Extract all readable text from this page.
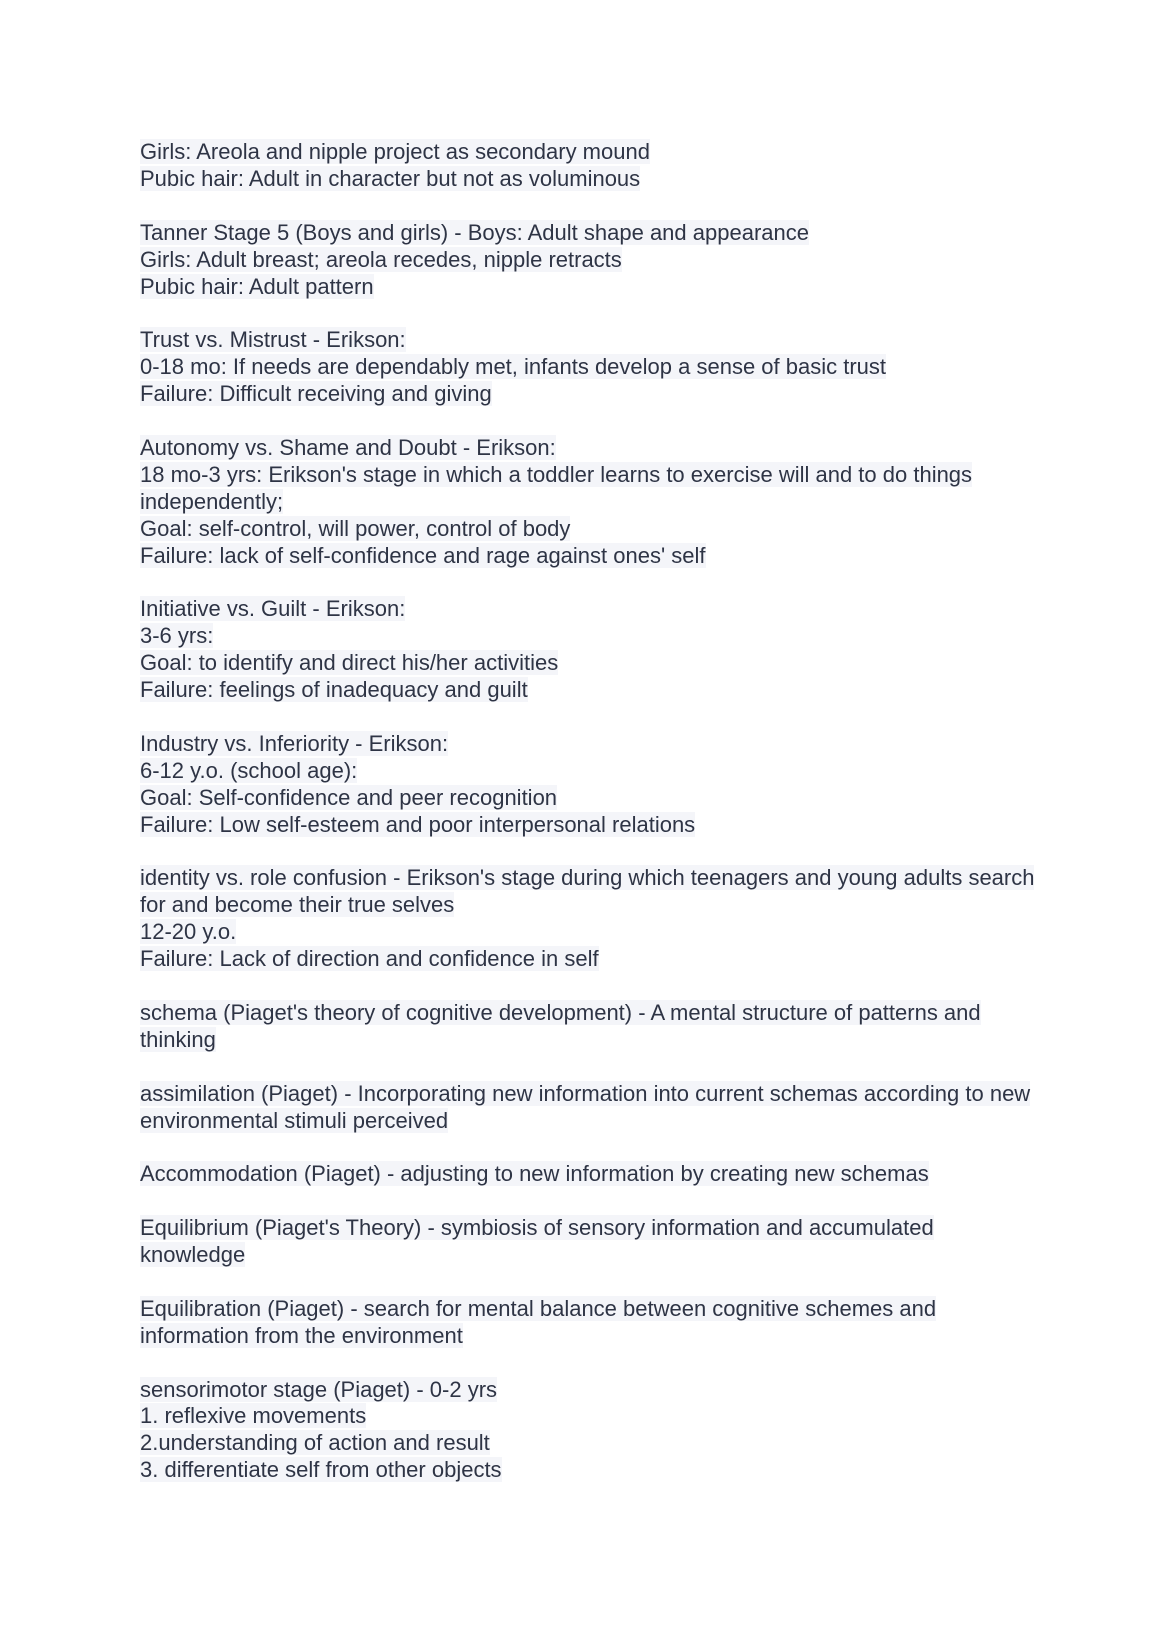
Girls: Areola and nipple project as secondary mound
Pubic hair: Adult in character but not as voluminous
Tanner Stage 5 (Boys and girls) - Boys: Adult shape and appearance
Girls: Adult breast; areola recedes, nipple retracts
Pubic hair: Adult pattern
Trust vs. Mistrust - Erikson:
0-18 mo: If needs are dependably met, infants develop a sense of basic trust
Failure: Difficult receiving and giving
Autonomy vs. Shame and Doubt - Erikson:
18 mo-3 yrs: Erikson's stage in which a toddler learns to exercise will and to do things independently;
Goal: self-control, will power, control of body
Failure: lack of self-confidence and rage against ones' self
Initiative vs. Guilt - Erikson:
3-6 yrs:
Goal: to identify and direct his/her activities
Failure: feelings of inadequacy and guilt
Industry vs. Inferiority - Erikson:
6-12 y.o. (school age):
Goal: Self-confidence and peer recognition
Failure: Low self-esteem and poor interpersonal relations
identity vs. role confusion - Erikson's stage during which teenagers and young adults search for and become their true selves
12-20 y.o.
Failure: Lack of direction and confidence in self
schema (Piaget's theory of cognitive development) - A mental structure of patterns and thinking
assimilation (Piaget) - Incorporating new information into current schemas according to new environmental stimuli perceived
Accommodation (Piaget) - adjusting to new information by creating new schemas
Equilibrium (Piaget's Theory) - symbiosis of sensory information and accumulated knowledge
Equilibration (Piaget) - search for mental balance between cognitive schemes and information from the environment
sensorimotor stage (Piaget) - 0-2 yrs
1. reflexive movements
2.understanding of action and result
3. differentiate self from other objects
